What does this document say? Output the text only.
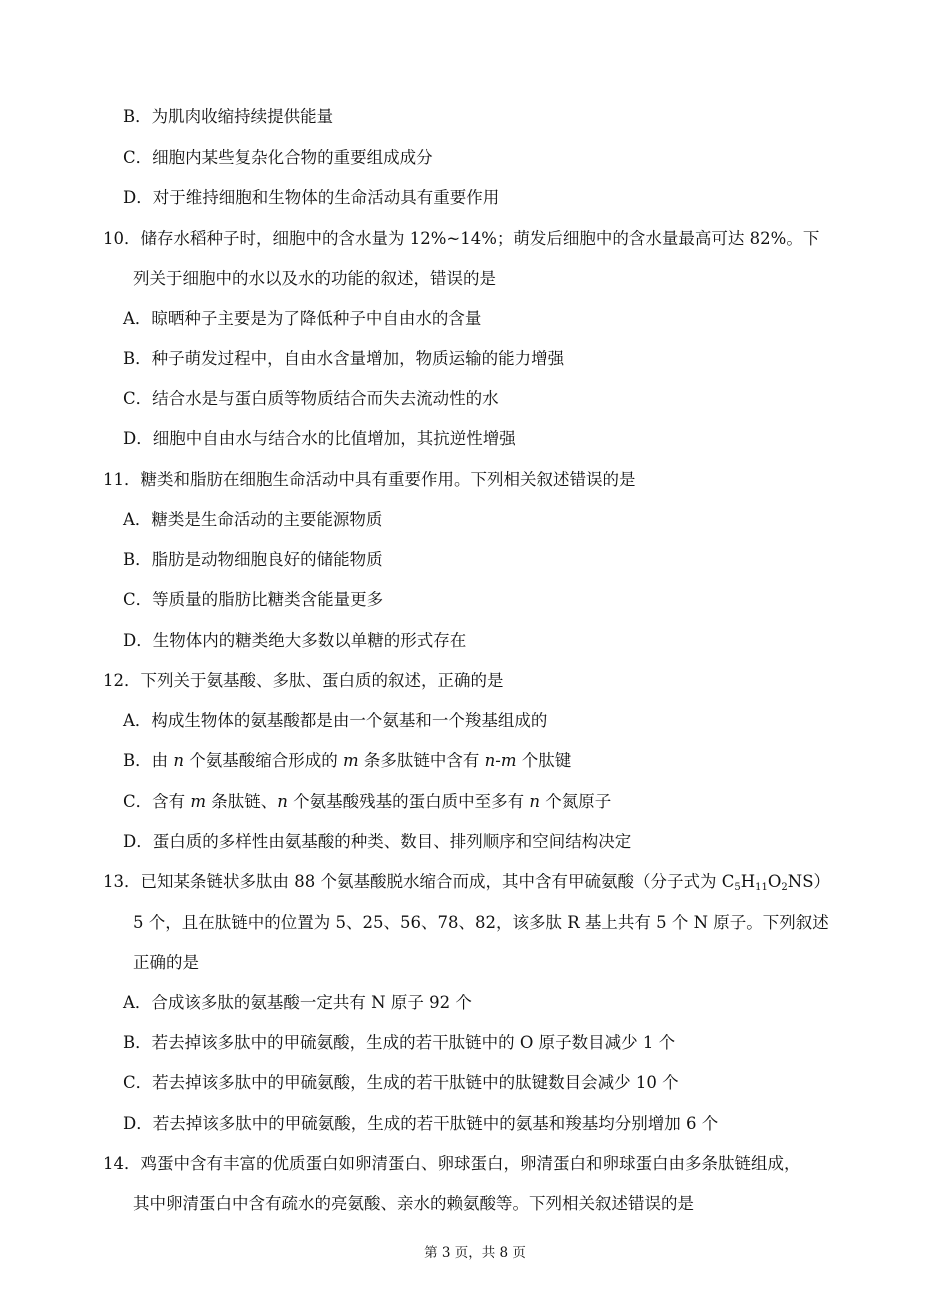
B．为肌肉收缩持续提供能量
C．细胞内某些复杂化合物的重要组成成分
D．对于维持细胞和生物体的生命活动具有重要作用
10．储存水稻种子时，细胞中的含水量为 12%~14%；萌发后细胞中的含水量最高可达 82%。下
列关于细胞中的水以及水的功能的叙述，错误的是
A．晾晒种子主要是为了降低种子中自由水的含量
B．种子萌发过程中，自由水含量增加，物质运输的能力增强
C．结合水是与蛋白质等物质结合而失去流动性的水
D．细胞中自由水与结合水的比值增加，其抗逆性增强
11．糖类和脂肪在细胞生命活动中具有重要作用。下列相关叙述错误的是
A．糖类是生命活动的主要能源物质
B．脂肪是动物细胞良好的储能物质
C．等质量的脂肪比糖类含能量更多
D．生物体内的糖类绝大多数以单糖的形式存在
12．下列关于氨基酸、多肽、蛋白质的叙述，正确的是
A．构成生物体的氨基酸都是由一个氨基和一个羧基组成的
B．由 n 个氨基酸缩合形成的 m 条多肽链中含有 n-m 个肽键
C．含有 m 条肽链、n 个氨基酸残基的蛋白质中至多有 n 个氮原子
D．蛋白质的多样性由氨基酸的种类、数目、排列顺序和空间结构决定
13．已知某条链状多肽由 88 个氨基酸脱水缩合而成，其中含有甲硫氨酸（分子式为 $C_5H_{11}O_2NS$）
5 个，且在肽链中的位置为 5、25、56、78、82，该多肽 R 基上共有 5 个 N 原子。下列叙述
正确的是
A．合成该多肽的氨基酸一定共有 N 原子 92 个
B．若去掉该多肽中的甲硫氨酸，生成的若干肽链中的 O 原子数目减少 1 个
C．若去掉该多肽中的甲硫氨酸，生成的若干肽链中的肽键数目会减少 10 个
D．若去掉该多肽中的甲硫氨酸，生成的若干肽链中的氨基和羧基均分别增加 6 个
14．鸡蛋中含有丰富的优质蛋白如卵清蛋白、卵球蛋白，卵清蛋白和卵球蛋白由多条肽链组成，
其中卵清蛋白中含有疏水的亮氨酸、亲水的赖氨酸等。下列相关叙述错误的是
第 3 页，共 8 页
